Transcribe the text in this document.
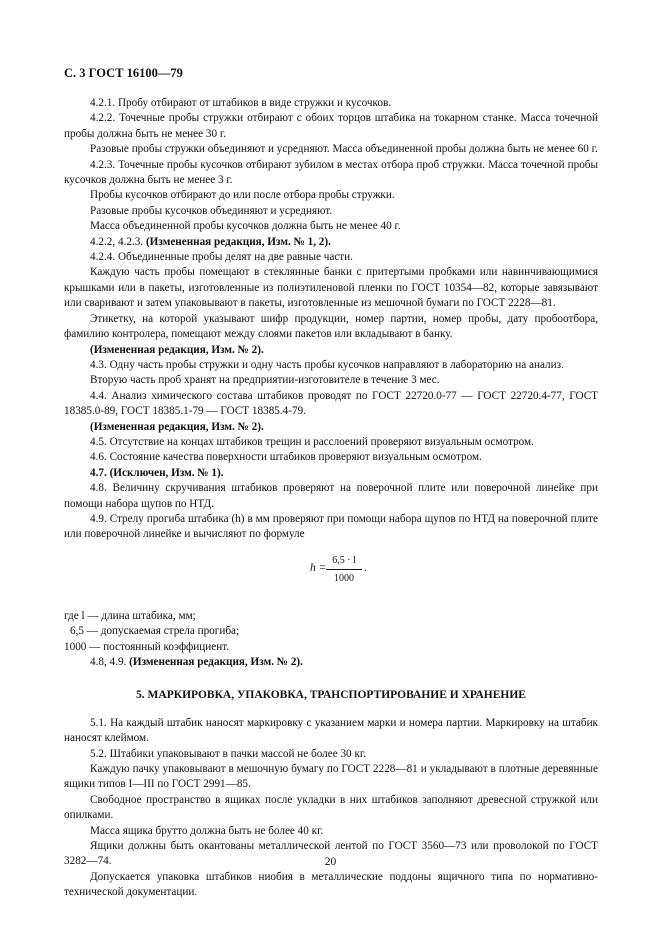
С. 3 ГОСТ 16100—79

4.2.1. Пробу отбирают от штабиков в виде стружки и кусочков.

4.2.2. Точечные пробы стружки отбирают с обоих торцов штабика на токарном станке. Масса точечной пробы должна быть не менее 30 г.

Разовые пробы стружки объединяют и усредняют. Масса объединенной пробы должна быть не менее 60 г.

4.2.3. Точечные пробы кусочков отбирают зубилом в местах отбора проб стружки. Масса точечной пробы кусочков должна быть не менее 3 г.

Пробы кусочков отбирают до или после отбора пробы стружки.

Разовые пробы кусочков объединяют и усредняют.

Масса объединенной пробы кусочков должна быть не менее 40 г.

4.2.2, 4.2.3. (Измененная редакция, Изм. № 1, 2).

4.2.4. Объединенные пробы делят на две равные части.

Каждую часть пробы помещают в стеклянные банки с притертыми пробками или навинчивающимися крышками или в пакеты, изготовленные из полиэтиленовой пленки по ГОСТ 10354—82, которые завязывают или сваривают и затем упаковывают в пакеты, изготовленные из мешочной бумаги по ГОСТ 2228—81.

Этикетку, на которой указывают шифр продукции, номер партии, номер пробы, дату пробоотбора, фамилию контролера, помещают между слоями пакетов или вкладывают в банку.

(Измененная редакция, Изм. № 2).

4.3. Одну часть пробы стружки и одну часть пробы кусочков направляют в лабораторию на анализ.

Вторую часть проб хранят на предприятии-изготовителе в течение 3 мес.

4.4. Анализ химического состава штабиков проводят по ГОСТ 22720.0-77 — ГОСТ 22720.4-77, ГОСТ 18385.0-89, ГОСТ 18385.1-79 — ГОСТ 18385.4-79.

(Измененная редакция, Изм. № 2).

4.5. Отсутствие на концах штабиков трещин и расслоений проверяют визуальным осмотром.

4.6. Состояние качества поверхности штабиков проверяют визуальным осмотром.

4.7. (Исключен, Изм. № 1).

4.8. Величину скручивания штабиков проверяют на поверочной плите или поверочной линейке при помощи набора щупов по НТД.

4.9. Стрелу прогиба штабика (h) в мм проверяют при помощи набора щупов по НТД на поверочной плите или поверочной линейке и вычисляют по формуле

$h = \frac{6,5 \cdot l}{1000}$ .

где l — длина штабика, мм;

6,5 — допускаемая стрела прогиба;

1000 — постоянный коэффициент.

4.8, 4.9. (Измененная редакция, Изм. № 2).

5. МАРКИРОВКА, УПАКОВКА, ТРАНСПОРТИРОВАНИЕ И ХРАНЕНИЕ

5.1. На каждый штабик наносят маркировку с указанием марки и номера партии. Маркировку на штабик наносят клеймом.

5.2. Штабики упаковывают в пачки массой не более 30 кг.

Каждую пачку упаковывают в мешочную бумагу по ГОСТ 2228—81 и укладывают в плотные деревянные ящики типов I—III по ГОСТ 2991—85.

Свободное пространство в ящиках после укладки в них штабиков заполняют древесной стружкой или опилками.

Масса ящика брутто должна быть не более 40 кг.

Ящики должны быть окантованы металлической лентой по ГОСТ 3560—73 или проволокой по ГОСТ 3282—74.

Допускается упаковка штабиков ниобия в металлические поддоны ящичного типа по нормативно-технической документации.

20
